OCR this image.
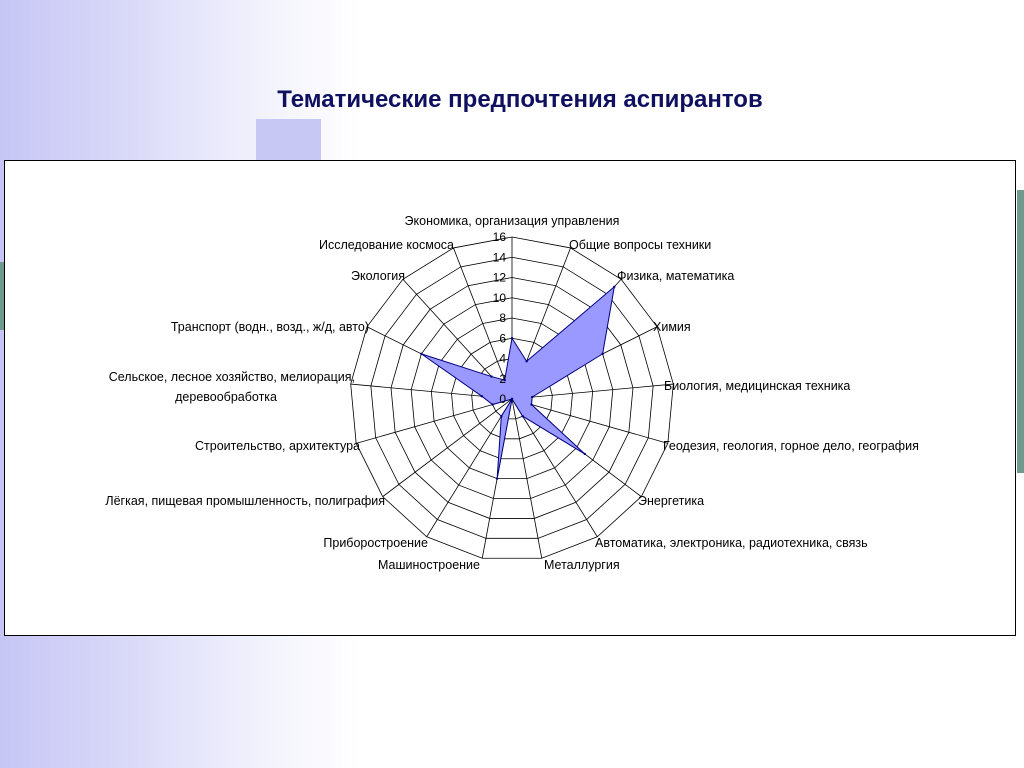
Тематические предпочтения аспирантов
0
2
4
6
8
10
12
14
16
Экономика, организация управления
Общие вопросы техники
Физика, математика
Химия
Биология, медицинская техника
Геодезия, геология, горное дело, география
Энергетика
Автоматика, электроника, радиотехника, связь
Металлургия
Машиностроение
Приборостроение
Лёгкая, пищевая промышленность, полиграфия
Строительство, архитектура
Сельское, лесное хозяйство, мелиорация,
деревообработка
Транспорт (водн., возд., ж/д, авто)
Экология
Исследование космоса
